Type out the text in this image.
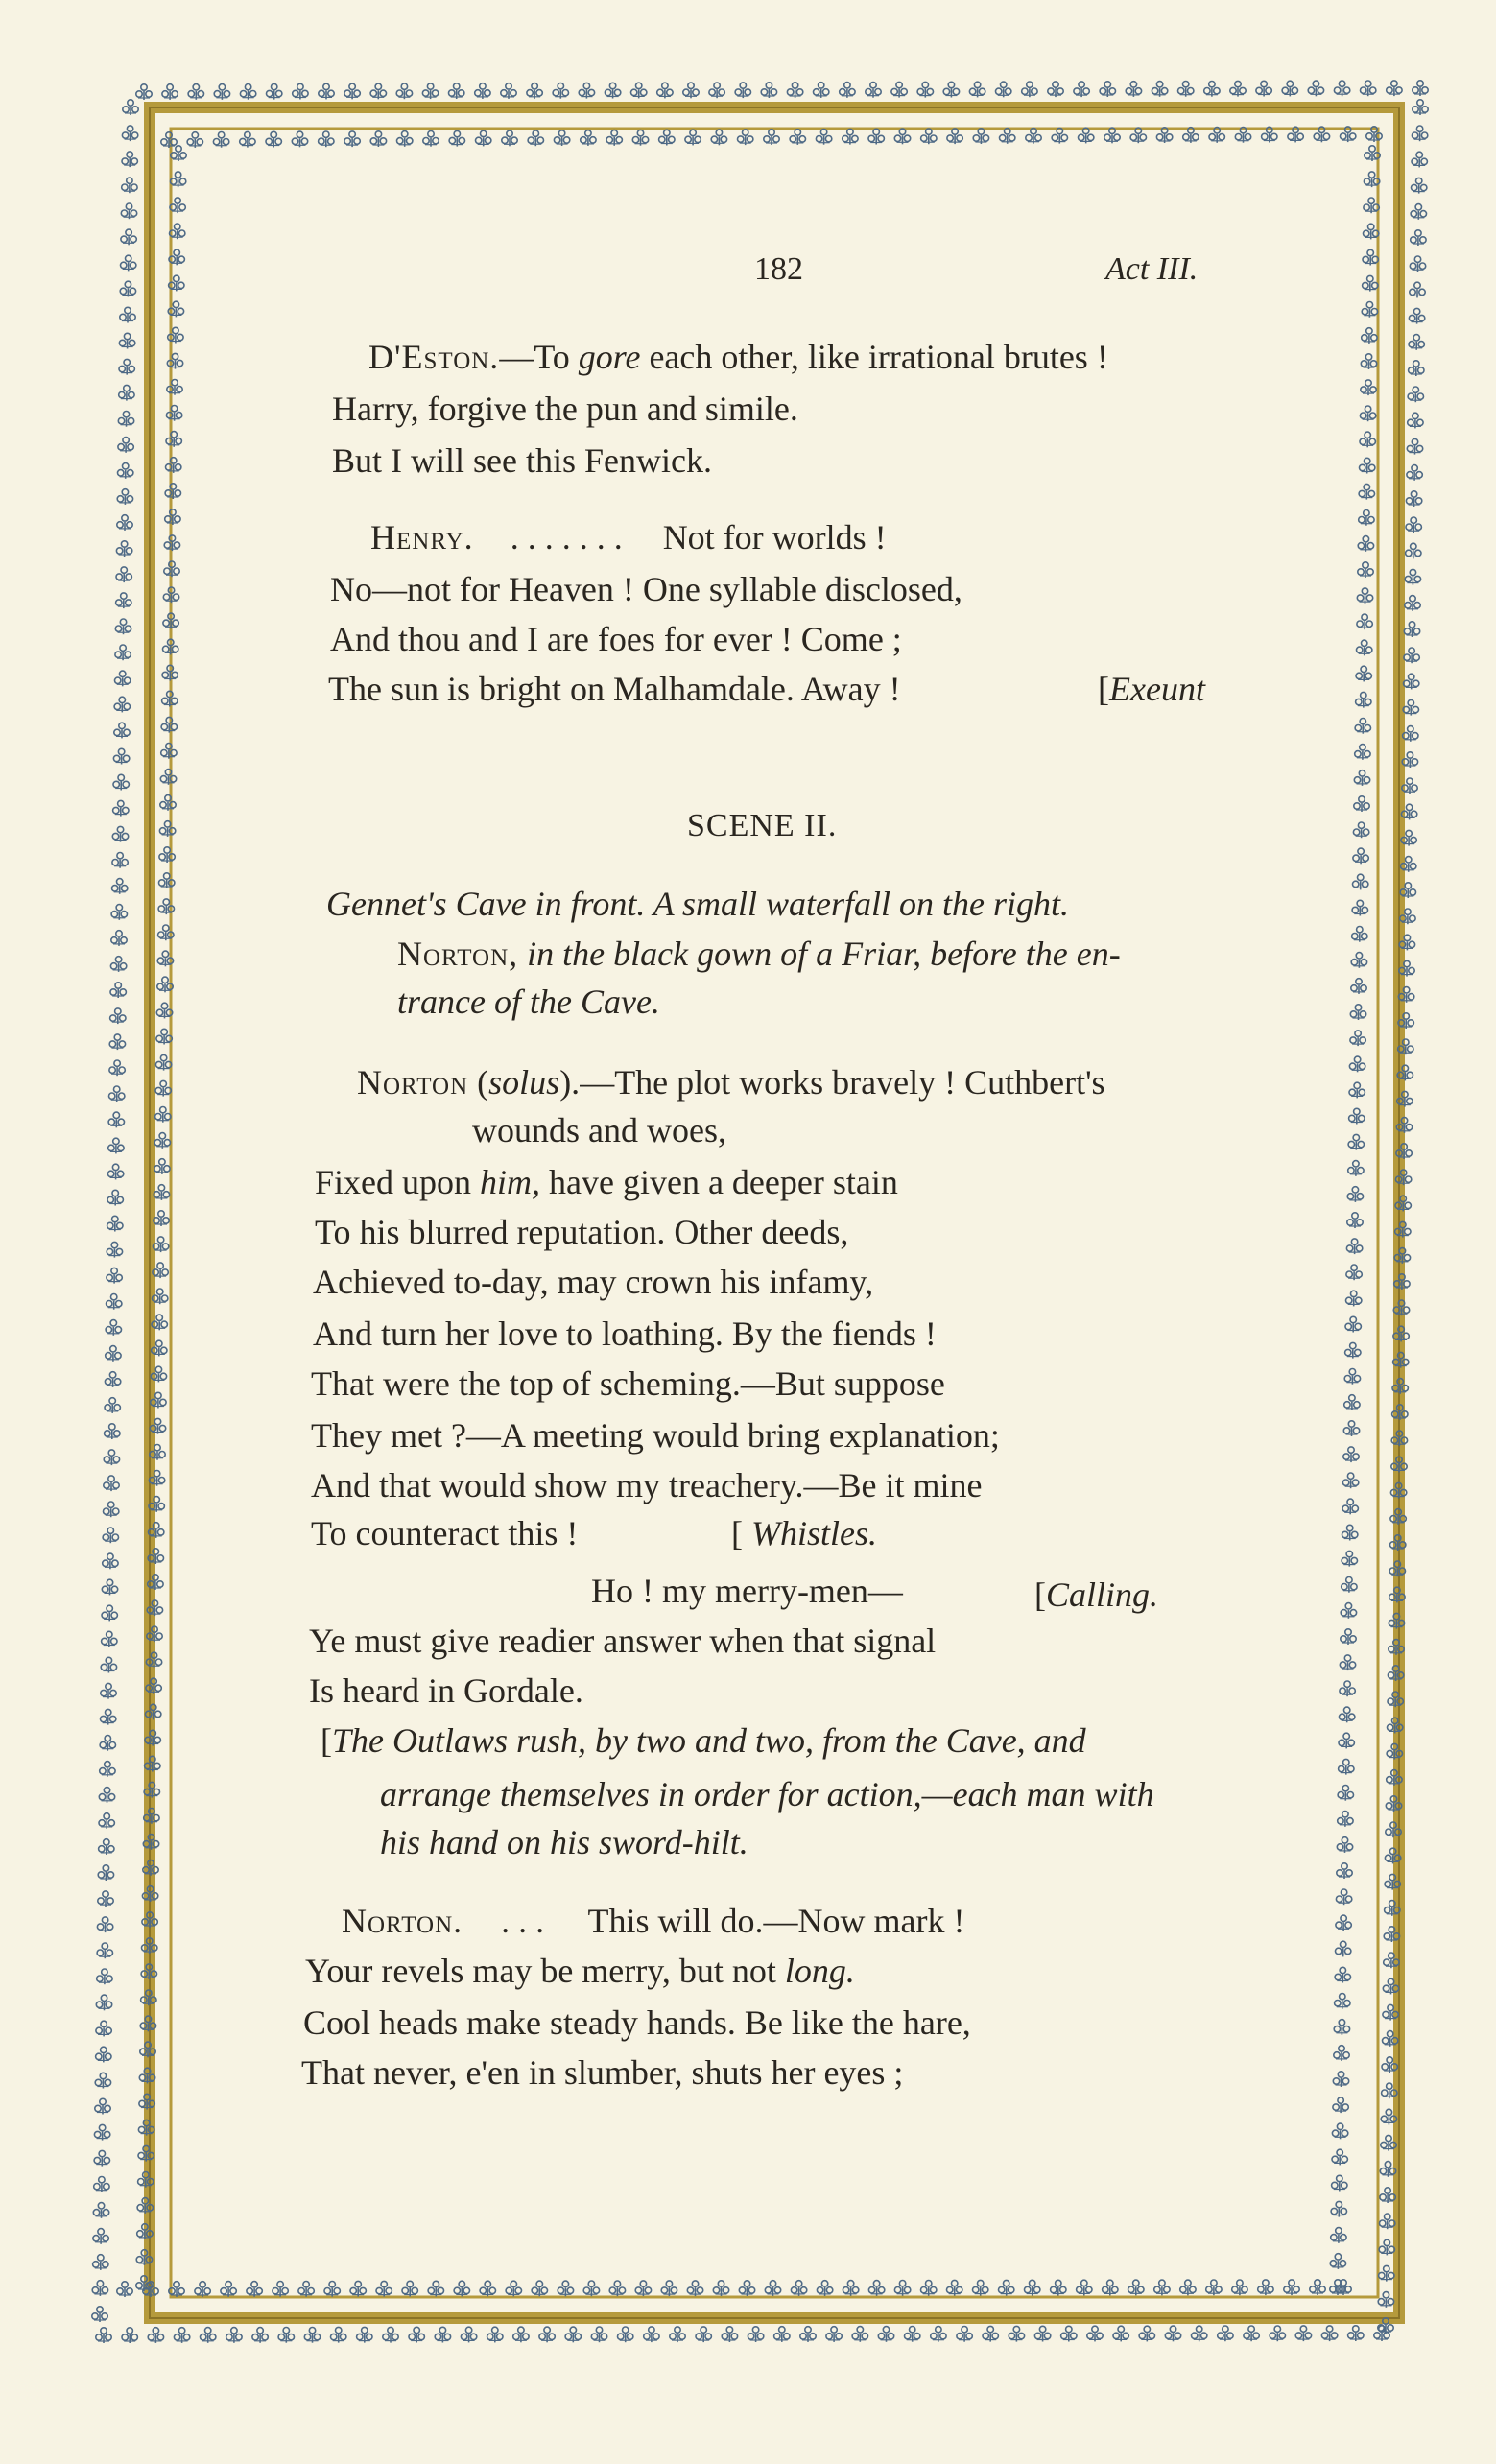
182	Act III.
D'Eston.—To gore each other, like irrational brutes !
Harry, forgive the pun and simile.
But I will see this Fenwick.
Henry. . . . . . . . Not for worlds !
No—not for Heaven ! One syllable disclosed,
And thou and I are foes for ever ! Come ;
The sun is bright on Malhamdale. Away !	[Exeunt
SCENE II.
Gennet's Cave in front. A small waterfall on the right.
Norton, in the black gown of a Friar, before the en-
trance of the Cave.
Norton (solus).—The plot works bravely ! Cuthbert's
wounds and woes,
Fixed upon him, have given a deeper stain
To his blurred reputation. Other deeds,
Achieved to-day, may crown his infamy,
And turn her love to loathing. By the fiends !
That were the top of scheming.—But suppose
They met ?—A meeting would bring explanation;
And that would show my treachery.—Be it mine
To counteract this !	[ Whistles.
Ho ! my merry-men—	[Calling.
Ye must give readier answer when that signal
Is heard in Gordale.
[The Outlaws rush, by two and two, from the Cave, and
arrange themselves in order for action,—each man with
his hand on his sword-hilt.
Norton. . . . This will do.—Now mark !
Your revels may be merry, but not long.
Cool heads make steady hands. Be like the hare,
That never, e'en in slumber, shuts her eyes ;
